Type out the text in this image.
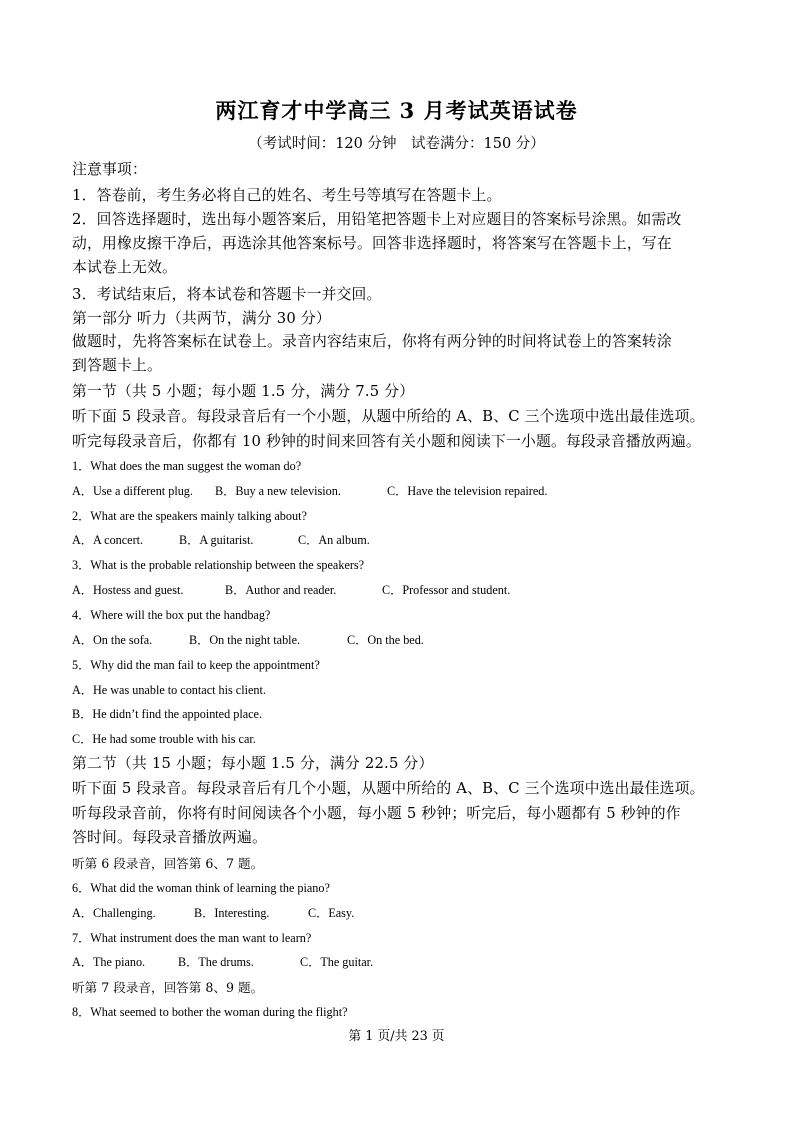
两江育才中学高三 3 月考试英语试卷
（考试时间：120 分钟　试卷满分：150 分）
注意事项：
1．答卷前，考生务必将自己的姓名、考生号等填写在答题卡上。
2．回答选择题时，选出每小题答案后，用铅笔把答题卡上对应题目的答案标号涂黑。如需改
动，用橡皮擦干净后，再选涂其他答案标号。回答非选择题时，将答案写在答题卡上，写在
本试卷上无效。
3．考试结束后，将本试卷和答题卡一并交回。
第一部分 听力（共两节，满分 30 分）
做题时，先将答案标在试卷上。录音内容结束后，你将有两分钟的时间将试卷上的答案转涂
到答题卡上。
第一节（共 5 小题；每小题 1.5 分，满分 7.5 分）
听下面 5 段录音。每段录音后有一个小题，从题中所给的 A、B、C 三个选项中选出最佳选项。
听完每段录音后，你都有 10 秒钟的时间来回答有关小题和阅读下一小题。每段录音播放两遍。
1．What does the man suggest the woman do?
A．Use a different plug. B．Buy a new television.	C．Have the television repaired.
2．What are the speakers mainly talking about?
A．A concert.	B．A guitarist.	C．An album.
3．What is the probable relationship between the speakers?
A．Hostess and guest.	B．Author and reader.	C．Professor and student.
4．Where will the box put the handbag?
A．On the sofa.	B．On the night table.	C．On the bed.
5．Why did the man fail to keep the appointment?
A．He was unable to contact his client.
B．He didn’t find the appointed place.
C．He had some trouble with his car.
第二节（共 15 小题；每小题 1.5 分，满分 22.5 分）
听下面 5 段录音。每段录音后有几个小题，从题中所给的 A、B、C 三个选项中选出最佳选项。
听每段录音前，你将有时间阅读各个小题，每小题 5 秒钟；听完后，每小题都有 5 秒钟的作
答时间。每段录音播放两遍。
听第 6 段录音，回答第 6、7 题。
6．What did the woman think of learning the piano?
A．Challenging.	B．Interesting.	C．Easy.
7．What instrument does the man want to learn?
A．The piano.	B．The drums.	C．The guitar.
听第 7 段录音，回答第 8、9 题。
8．What seemed to bother the woman during the flight?
第 1 页/共 23 页
